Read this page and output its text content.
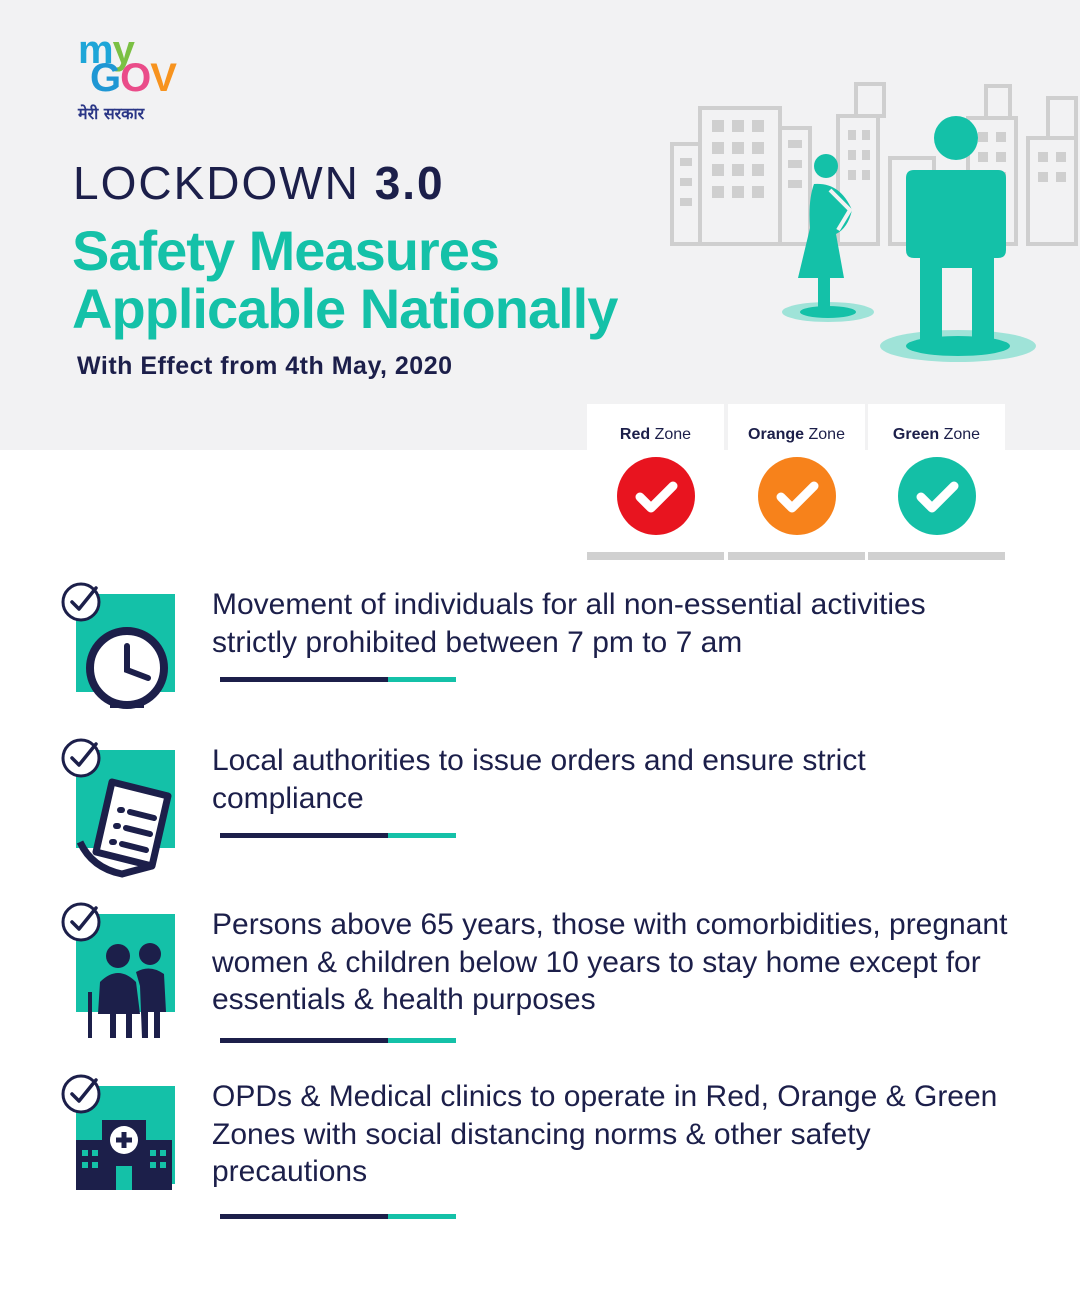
my
GOV
मेरी सरकार
LOCKDOWN 3.0
Safety Measures
Applicable Nationally
With Effect from 4th May, 2020
Red Zone	Orange Zone	Green Zone
Movement of individuals for all non-essential activities strictly prohibited between 7 pm to 7 am
Local authorities to issue orders and ensure strict compliance
Persons above 65 years, those with comorbidities, pregnant women & children below 10 years to stay home except for essentials & health purposes
OPDs & Medical clinics to operate in Red, Orange & Green Zones with social distancing norms & other safety precautions
